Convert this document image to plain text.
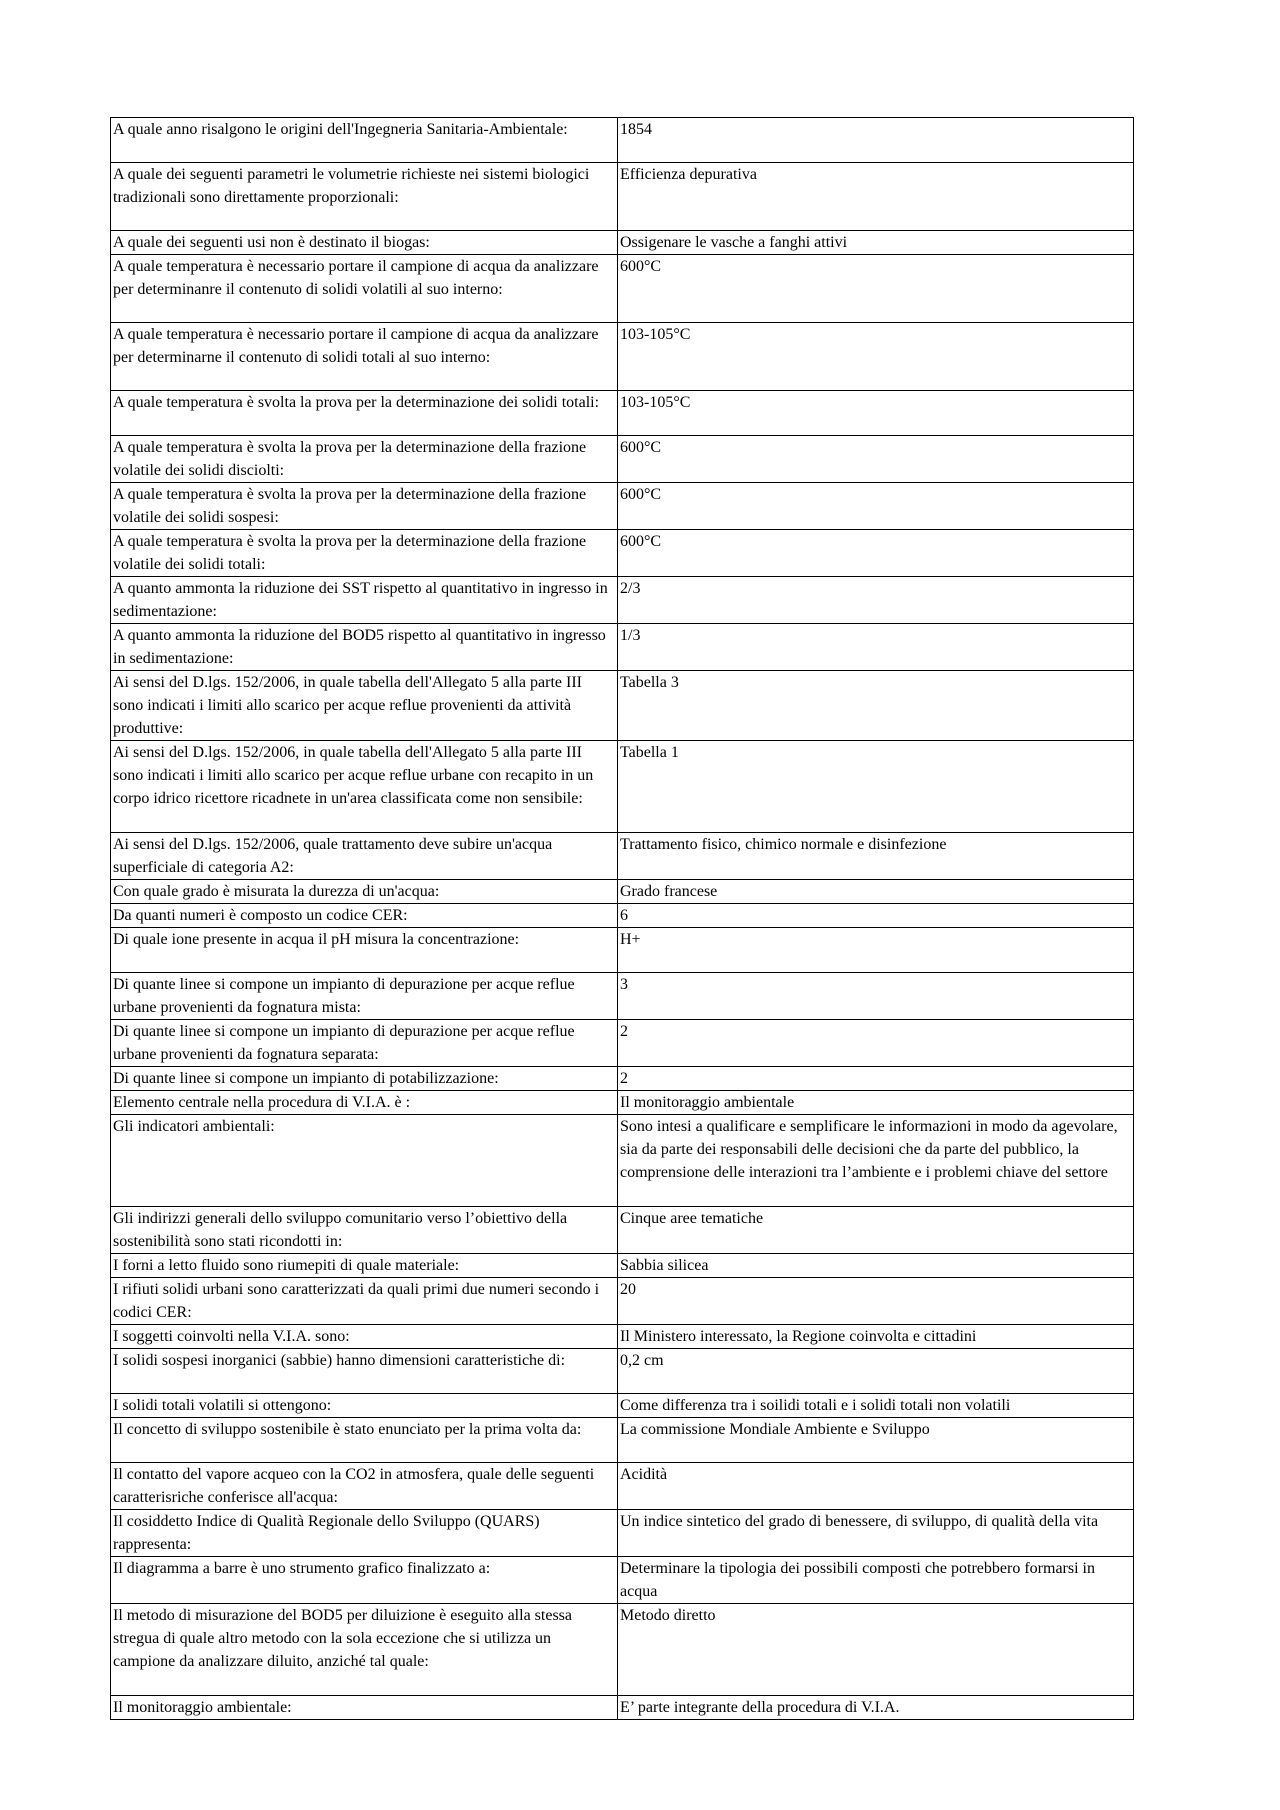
A quale anno risalgono le origini dell'Ingegneria Sanitaria-Ambientale:	1854
A quale dei seguenti parametri le volumetrie richieste nei sistemi biologici tradizionali sono direttamente proporzionali:	Efficienza depurativa
A quale dei seguenti usi non è destinato il biogas:	Ossigenare le vasche a fanghi attivi
A quale temperatura è necessario portare il campione di acqua da analizzare per determinanre il contenuto di solidi volatili al suo interno:	600°C
A quale temperatura è necessario portare il campione di acqua da analizzare per determinarne il contenuto di solidi totali al suo interno:	103-105°C
A quale temperatura è svolta la prova per la determinazione dei solidi totali:	103-105°C
A quale temperatura è svolta la prova per la determinazione della frazione volatile dei solidi disciolti:	600°C
A quale temperatura è svolta la prova per la determinazione della frazione volatile dei solidi sospesi:	600°C
A quale temperatura è svolta la prova per la determinazione della frazione volatile dei solidi totali:	600°C
A quanto ammonta la riduzione dei SST rispetto al quantitativo in ingresso in sedimentazione:	2/3
A quanto ammonta la riduzione del BOD5 rispetto al quantitativo in ingresso in sedimentazione:	1/3
Ai sensi del D.lgs. 152/2006, in quale tabella dell'Allegato 5 alla parte III sono indicati i limiti allo scarico per acque reflue provenienti da attività produttive:	Tabella 3
Ai sensi del D.lgs. 152/2006, in quale tabella dell'Allegato 5 alla parte III sono indicati i limiti allo scarico per acque reflue urbane con recapito in un corpo idrico ricettore ricadnete in un'area classificata come non sensibile:	Tabella 1
Ai sensi del D.lgs. 152/2006, quale trattamento deve subire un'acqua superficiale di categoria A2:	Trattamento fisico, chimico normale e disinfezione
Con quale grado è misurata la durezza di un'acqua:	Grado francese
Da quanti numeri è composto un codice CER:	6
Di quale ione presente in acqua il pH misura la concentrazione:	H+
Di quante linee si compone un impianto di depurazione per acque reflue urbane provenienti da fognatura mista:	3
Di quante linee si compone un impianto di depurazione per acque reflue urbane provenienti da fognatura separata:	2
Di quante linee si compone un impianto di potabilizzazione:	2
Elemento centrale nella procedura di V.I.A. è :	Il monitoraggio ambientale
Gli indicatori ambientali:	Sono intesi a qualificare e semplificare le informazioni in modo da agevolare, sia da parte dei responsabili delle decisioni che da parte del pubblico, la comprensione delle interazioni tra l’ambiente e i problemi chiave del settore
Gli indirizzi generali dello sviluppo comunitario verso l’obiettivo della sostenibilità sono stati ricondotti in:	Cinque aree tematiche
I forni a letto fluido sono riumepiti di quale materiale:	Sabbia silicea
I rifiuti solidi urbani sono caratterizzati da quali primi due numeri secondo i codici CER:	20
I soggetti coinvolti nella V.I.A. sono:	Il Ministero interessato, la Regione coinvolta e cittadini
I solidi sospesi inorganici (sabbie) hanno dimensioni caratteristiche di:	0,2 cm
I solidi totali volatili si ottengono:	Come differenza tra i soilidi totali e i solidi totali non volatili
Il concetto di sviluppo sostenibile è stato enunciato per la prima volta da:	La commissione Mondiale Ambiente e Sviluppo
Il contatto del vapore acqueo con la CO2 in atmosfera, quale delle seguenti caratterisriche conferisce all'acqua:	Acidità
Il cosiddetto Indice di Qualità Regionale dello Sviluppo (QUARS) rappresenta:	Un indice sintetico del grado di benessere, di sviluppo, di qualità della vita
Il diagramma a barre è uno strumento grafico finalizzato a:	Determinare la tipologia dei possibili composti che potrebbero formarsi in acqua
Il metodo di misurazione del BOD5 per diluizione è eseguito alla stessa stregua di quale altro metodo con la sola eccezione che si utilizza un campione da analizzare diluito, anziché tal quale:	Metodo diretto
Il monitoraggio ambientale:	E’ parte integrante della procedura di V.I.A.
